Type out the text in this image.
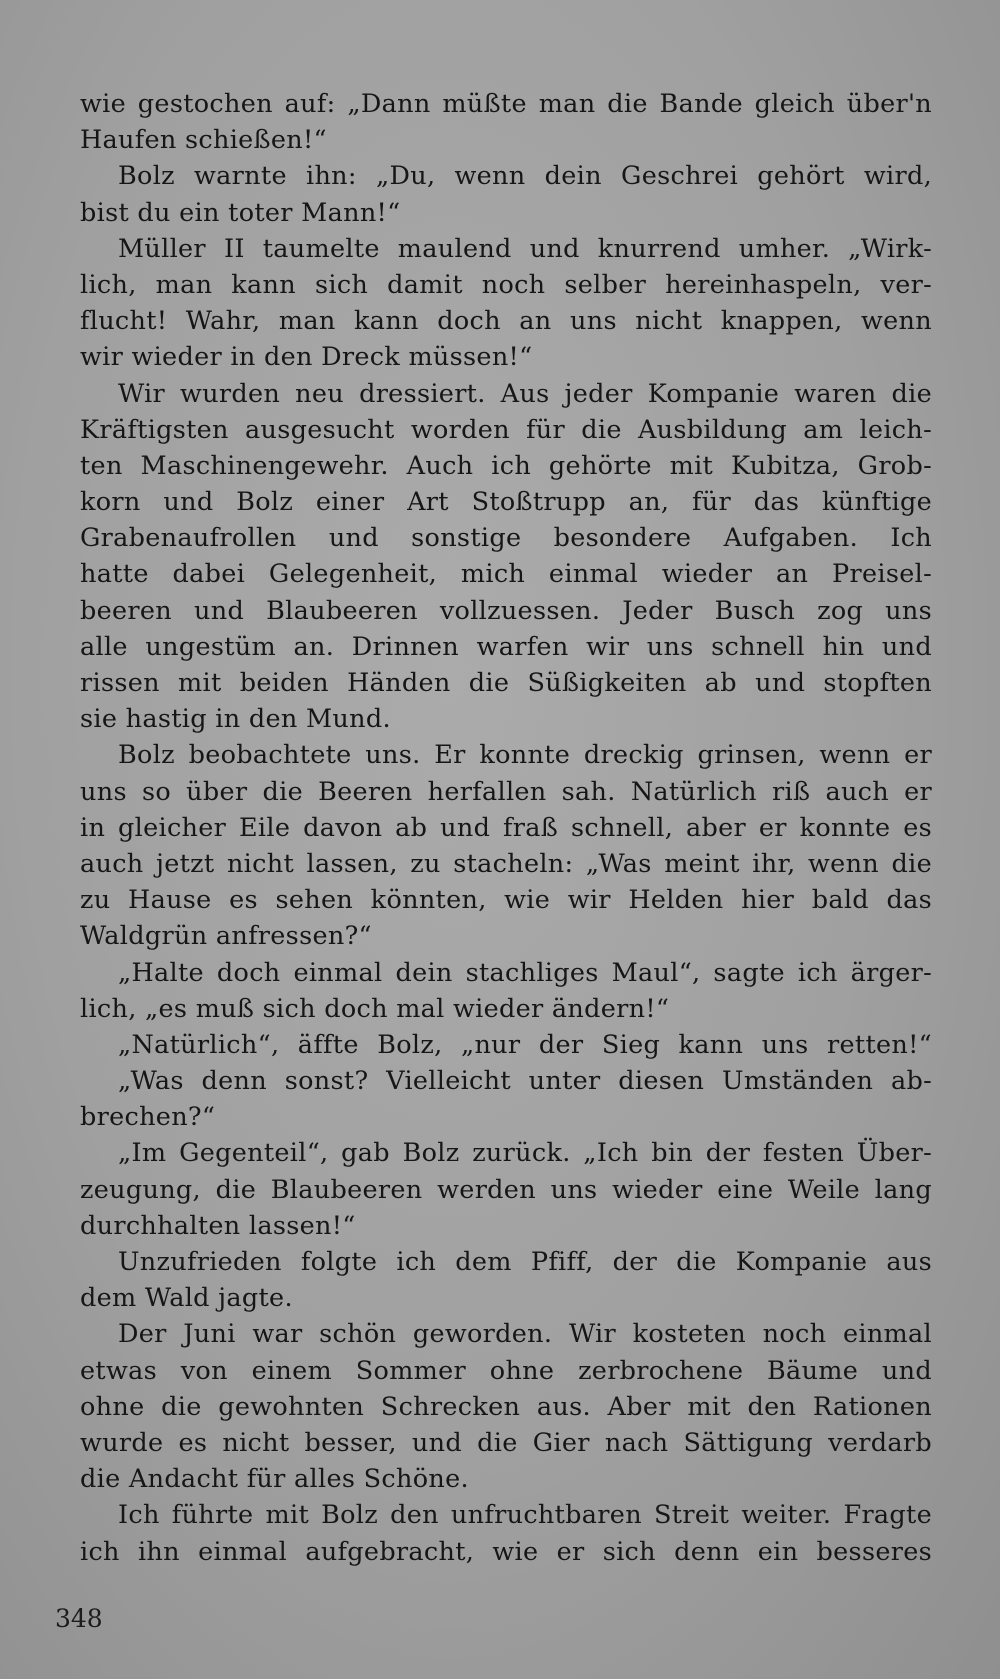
wie gestochen auf: „Dann müßte man die Bande gleich über'n
Haufen schießen!“
Bolz warnte ihn: „Du, wenn dein Geschrei gehört wird,
bist du ein toter Mann!“
Müller II taumelte maulend und knurrend umher. „Wirk-
lich, man kann sich damit noch selber hereinhaspeln, ver-
flucht! Wahr, man kann doch an uns nicht knappen, wenn
wir wieder in den Dreck müssen!“
Wir wurden neu dressiert. Aus jeder Kompanie waren die
Kräftigsten ausgesucht worden für die Ausbildung am leich-
ten Maschinengewehr. Auch ich gehörte mit Kubitza, Grob-
korn und Bolz einer Art Stoßtrupp an, für das künftige
Grabenaufrollen und sonstige besondere Aufgaben. Ich
hatte dabei Gelegenheit, mich einmal wieder an Preisel-
beeren und Blaubeeren vollzuessen. Jeder Busch zog uns
alle ungestüm an. Drinnen warfen wir uns schnell hin und
rissen mit beiden Händen die Süßigkeiten ab und stopften
sie hastig in den Mund.
Bolz beobachtete uns. Er konnte dreckig grinsen, wenn er
uns so über die Beeren herfallen sah. Natürlich riß auch er
in gleicher Eile davon ab und fraß schnell, aber er konnte es
auch jetzt nicht lassen, zu stacheln: „Was meint ihr, wenn die
zu Hause es sehen könnten, wie wir Helden hier bald das
Waldgrün anfressen?“
„Halte doch einmal dein stachliges Maul“, sagte ich ärger-
lich, „es muß sich doch mal wieder ändern!“
„Natürlich“, äffte Bolz, „nur der Sieg kann uns retten!“
„Was denn sonst? Vielleicht unter diesen Umständen ab-
brechen?“
„Im Gegenteil“, gab Bolz zurück. „Ich bin der festen Über-
zeugung, die Blaubeeren werden uns wieder eine Weile lang
durchhalten lassen!“
Unzufrieden folgte ich dem Pfiff, der die Kompanie aus
dem Wald jagte.
Der Juni war schön geworden. Wir kosteten noch einmal
etwas von einem Sommer ohne zerbrochene Bäume und
ohne die gewohnten Schrecken aus. Aber mit den Rationen
wurde es nicht besser, und die Gier nach Sättigung verdarb
die Andacht für alles Schöne.
Ich führte mit Bolz den unfruchtbaren Streit weiter. Fragte
ich ihn einmal aufgebracht, wie er sich denn ein besseres
348
